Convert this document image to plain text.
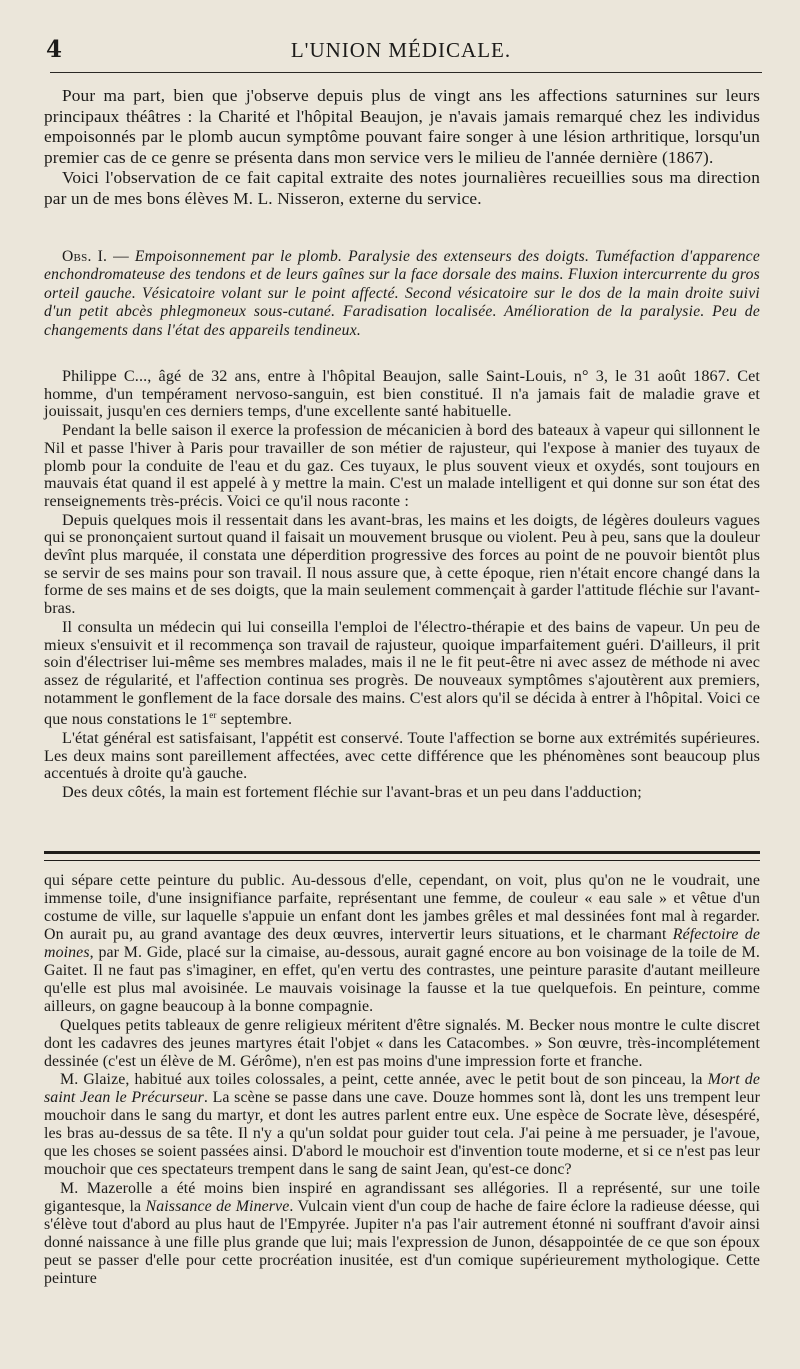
4	L'UNION MÉDICALE.

Pour ma part, bien que j'observe depuis plus de vingt ans les affections saturnines sur leurs principaux théâtres : la Charité et l'hôpital Beaujon, je n'avais jamais remarqué chez les individus empoisonnés par le plomb aucun symptôme pouvant faire songer à une lésion arthritique, lorsqu'un premier cas de ce genre se présenta dans mon service vers le milieu de l'année dernière (1867).

Voici l'observation de ce fait capital extraite des notes journalières recueillies sous ma direction par un de mes bons élèves M. L. Nisseron, externe du service.

Obs. I. — Empoisonnement par le plomb. Paralysie des extenseurs des doigts. Tuméfaction d'apparence enchondromateuse des tendons et de leurs gaînes sur la face dorsale des mains. Fluxion intercurrente du gros orteil gauche. Vésicatoire volant sur le point affecté. Second vésicatoire sur le dos de la main droite suivi d'un petit abcès phlegmoneux sous-cutané. Faradisation localisée. Amélioration de la paralysie. Peu de changements dans l'état des appareils tendineux.

Philippe C..., âgé de 32 ans, entre à l'hôpital Beaujon, salle Saint-Louis, n° 3, le 31 août 1867. Cet homme, d'un tempérament nervoso-sanguin, est bien constitué. Il n'a jamais fait de maladie grave et jouissait, jusqu'en ces derniers temps, d'une excellente santé habituelle.

Pendant la belle saison il exerce la profession de mécanicien à bord des bateaux à vapeur qui sillonnent le Nil et passe l'hiver à Paris pour travailler de son métier de rajusteur, qui l'expose à manier des tuyaux de plomb pour la conduite de l'eau et du gaz. Ces tuyaux, le plus souvent vieux et oxydés, sont toujours en mauvais état quand il est appelé à y mettre la main. C'est un malade intelligent et qui donne sur son état des renseignements très-précis. Voici ce qu'il nous raconte :

Depuis quelques mois il ressentait dans les avant-bras, les mains et les doigts, de légères douleurs vagues qui se prononçaient surtout quand il faisait un mouvement brusque ou violent. Peu à peu, sans que la douleur devînt plus marquée, il constata une déperdition progressive des forces au point de ne pouvoir bientôt plus se servir de ses mains pour son travail. Il nous assure que, à cette époque, rien n'était encore changé dans la forme de ses mains et de ses doigts, que la main seulement commençait à garder l'attitude fléchie sur l'avant-bras.

Il consulta un médecin qui lui conseilla l'emploi de l'électro-thérapie et des bains de vapeur. Un peu de mieux s'ensuivit et il recommença son travail de rajusteur, quoique imparfaitement guéri. D'ailleurs, il prit soin d'électriser lui-même ses membres malades, mais il ne le fit peut-être ni avec assez de méthode ni avec assez de régularité, et l'affection continua ses progrès. De nouveaux symptômes s'ajoutèrent aux premiers, notamment le gonflement de la face dorsale des mains. C'est alors qu'il se décida à entrer à l'hôpital. Voici ce que nous constations le 1er septembre.

L'état général est satisfaisant, l'appétit est conservé. Toute l'affection se borne aux extrémités supérieures. Les deux mains sont pareillement affectées, avec cette différence que les phénomènes sont beaucoup plus accentués à droite qu'à gauche.

Des deux côtés, la main est fortement fléchie sur l'avant-bras et un peu dans l'adduction;

qui sépare cette peinture du public. Au-dessous d'elle, cependant, on voit, plus qu'on ne le voudrait, une immense toile, d'une insignifiance parfaite, représentant une femme, de couleur « eau sale » et vêtue d'un costume de ville, sur laquelle s'appuie un enfant dont les jambes grêles et mal dessinées font mal à regarder. On aurait pu, au grand avantage des deux œuvres, intervertir leurs situations, et le charmant Réfectoire de moines, par M. Gide, placé sur la cimaise, au-dessous, aurait gagné encore au bon voisinage de la toile de M. Gaitet. Il ne faut pas s'imaginer, en effet, qu'en vertu des contrastes, une peinture parasite d'autant meilleure qu'elle est plus mal avoisinée. Le mauvais voisinage la fausse et la tue quelquefois. En peinture, comme ailleurs, on gagne beaucoup à la bonne compagnie.

Quelques petits tableaux de genre religieux méritent d'être signalés. M. Becker nous montre le culte discret dont les cadavres des jeunes martyres était l'objet « dans les Catacombes. » Son œuvre, très-incomplétement dessinée (c'est un élève de M. Gérôme), n'en est pas moins d'une impression forte et franche.

M. Glaize, habitué aux toiles colossales, a peint, cette année, avec le petit bout de son pinceau, la Mort de saint Jean le Précurseur. La scène se passe dans une cave. Douze hommes sont là, dont les uns trempent leur mouchoir dans le sang du martyr, et dont les autres parlent entre eux. Une espèce de Socrate lève, désespéré, les bras au-dessus de sa tête. Il n'y a qu'un soldat pour guider tout cela. J'ai peine à me persuader, je l'avoue, que les choses se soient passées ainsi. D'abord le mouchoir est d'invention toute moderne, et si ce n'est pas leur mouchoir que ces spectateurs trempent dans le sang de saint Jean, qu'est-ce donc?

M. Mazerolle a été moins bien inspiré en agrandissant ses allégories. Il a représenté, sur une toile gigantesque, la Naissance de Minerve. Vulcain vient d'un coup de hache de faire éclore la radieuse déesse, qui s'élève tout d'abord au plus haut de l'Empyrée. Jupiter n'a pas l'air autrement étonné ni souffrant d'avoir ainsi donné naissance à une fille plus grande que lui; mais l'expression de Junon, désappointée de ce que son époux peut se passer d'elle pour cette procréation inusitée, est d'un comique supérieurement mythologique. Cette peinture
